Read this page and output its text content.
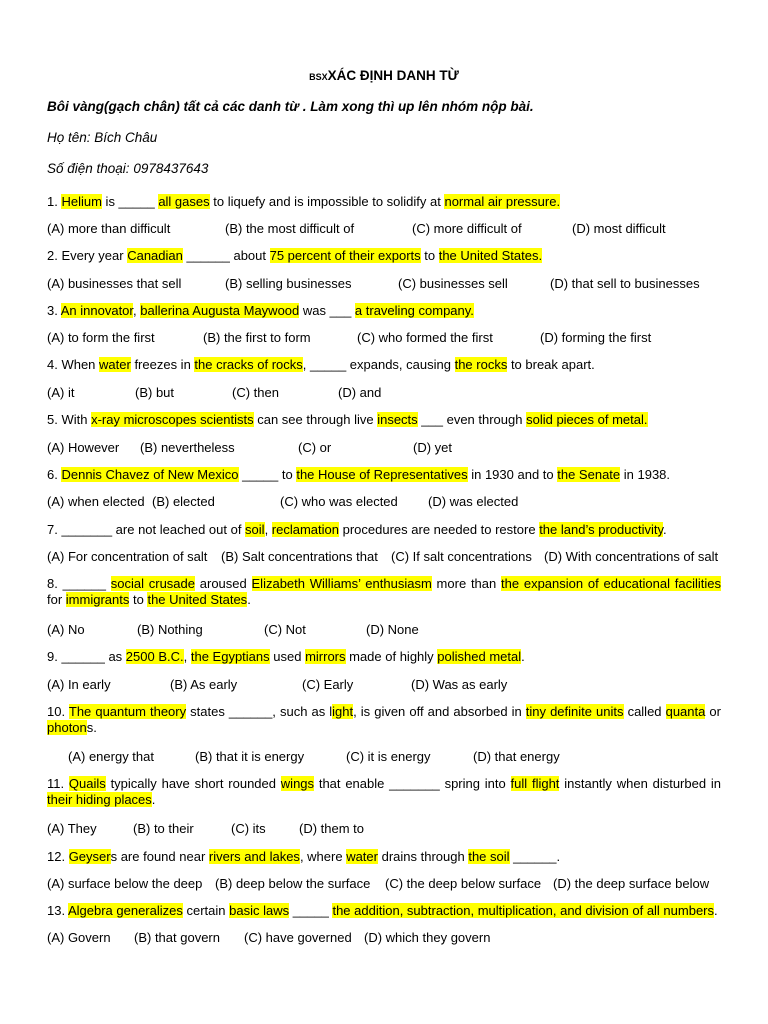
BSXXÁC ĐỊNH DANH TỪ
Bôi vàng(gạch chân) tất cả các danh từ . Làm xong thì up lên nhóm nộp bài.
Họ tên: Bích Châu
Số điện thoại: 0978437643
1. Helium is _____ all gases to liquefy and is impossible to solidify at normal air pressure.
(A) more than difficult	(B) the most difficult of	(C) more difficult of	(D) most difficult
2. Every year Canadian ______ about 75 percent of their exports to the United States.
(A) businesses that sell	(B) selling businesses	(C) businesses sell	(D) that sell to businesses
3. An innovator, ballerina Augusta Maywood was ___ a traveling company.
(A) to form the first	(B) the first to form	(C) who formed the first	(D) forming the first
4. When water freezes in the cracks of rocks, _____ expands, causing the rocks to break apart.
(A) it	(B) but	(C) then	(D) and
5. With x-ray microscopes scientists can see through live insects ___ even through solid pieces of metal.
(A) However (B) nevertheless	(C) or	(D) yet
6. Dennis Chavez of New Mexico _____ to the House of Representatives in 1930 and to the Senate in 1938.
(A) when elected (B) elected	(C) who was elected (D) was elected
7. _______ are not leached out of soil, reclamation procedures are needed to restore the land’s productivity.
(A) For concentration of salt (B) Salt concentrations that (C) If salt concentrations (D) With concentrations of salt
8. ______ social crusade aroused Elizabeth Williams’ enthusiasm more than the expansion of educational facilities for immigrants to the United States.
(A) No	(B) Nothing	(C) Not	(D) None
9. ______ as 2500 B.C., the Egyptians used mirrors made of highly polished metal.
(A) In early	(B) As early	(C) Early	(D) Was as early
10. The quantum theory states ______, such as light, is given off and absorbed in tiny definite units called quanta or photons.
(A) energy that	(B) that it is energy	(C) it is energy	(D) that energy
11. Quails typically have short rounded wings that enable _______ spring into full flight instantly when disturbed in their hiding places.
(A) They	(B) to their	(C) its	(D) them to
12. Geysers are found near rivers and lakes, where water drains through the soil ______.
(A) surface below the deep (B) deep below the surface (C) the deep below surface (D) the deep surface below
13. Algebra generalizes certain basic laws _____ the addition, subtraction, multiplication, and division of all numbers.
(A) Govern (B) that govern (C) have governed (D) which they govern
